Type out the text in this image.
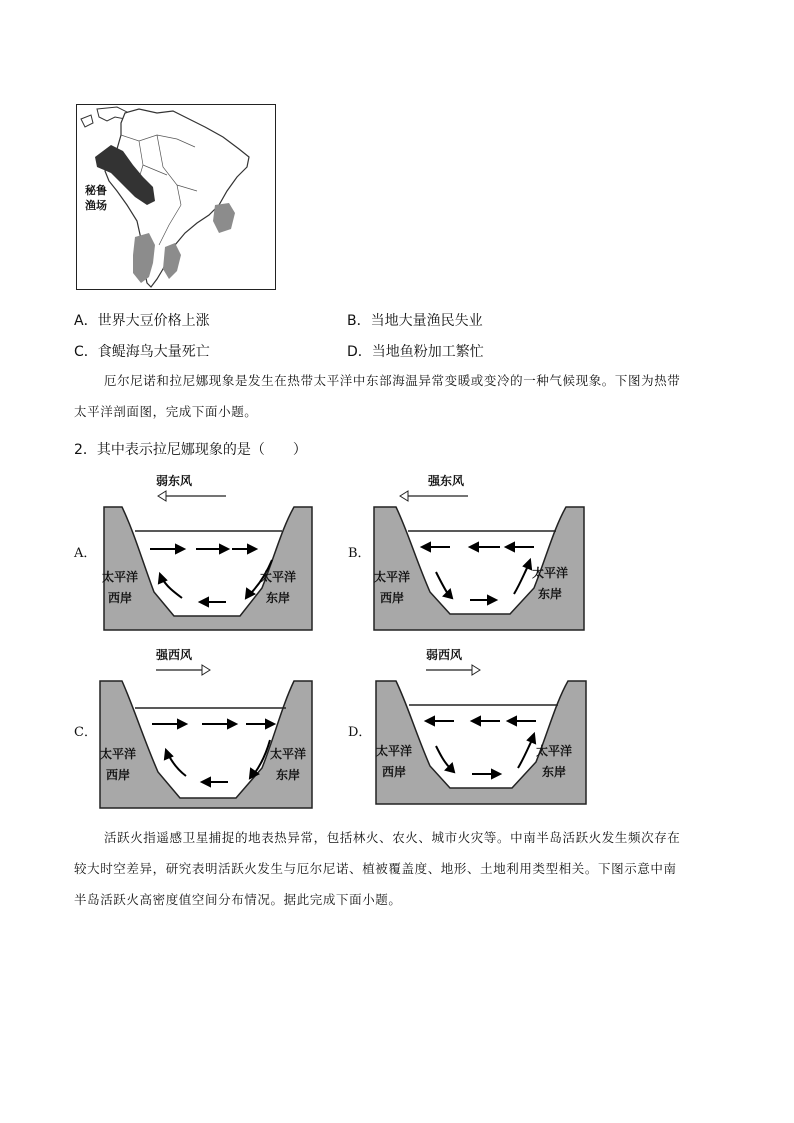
秘鲁
渔场
A．世界大豆价格上涨	B．当地大量渔民失业
C．食鳀海鸟大量死亡	D．当地鱼粉加工繁忙
厄尔尼诺和拉尼娜现象是发生在热带太平洋中东部海温异常变暖或变冷的一种气候现象。下图为热带
太平洋剖面图，完成下面小题。
2．其中表示拉尼娜现象的是（　　）
A．	B．
C．	D．
弱东风
太平洋
西岸
太平洋
东岸
强东风
太平洋
西岸
太平洋
东岸
强西风
太平洋
西岸
太平洋
东岸
弱西风
太平洋
西岸
太平洋
东岸
活跃火指遥感卫星捕捉的地表热异常，包括林火、农火、城市火灾等。中南半岛活跃火发生频次存在
较大时空差异，研究表明活跃火发生与厄尔尼诺、植被覆盖度、地形、土地利用类型相关。下图示意中南
半岛活跃火高密度值空间分布情况。据此完成下面小题。
